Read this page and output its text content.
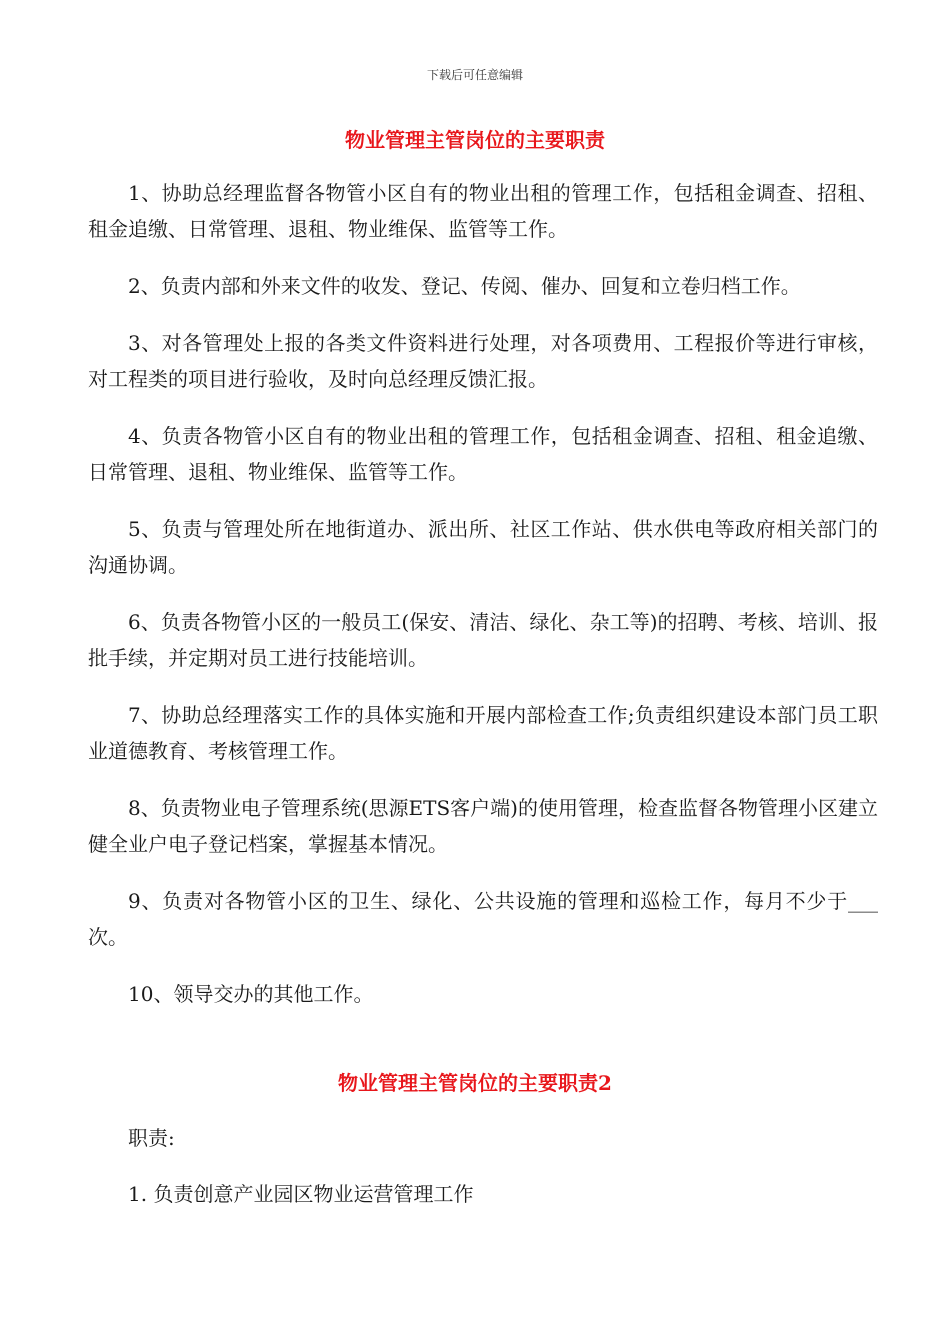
下载后可任意编辑
物业管理主管岗位的主要职责

1、协助总经理监督各物管小区自有的物业出租的管理工作，包括租金调查、招租、租金追缴、日常管理、退租、物业维保、监管等工作。

2、负责内部和外来文件的收发、登记、传阅、催办、回复和立卷归档工作。

3、对各管理处上报的各类文件资料进行处理，对各项费用、工程报价等进行审核，对工程类的项目进行验收，及时向总经理反馈汇报。

4、负责各物管小区自有的物业出租的管理工作，包括租金调查、招租、租金追缴、日常管理、退租、物业维保、监管等工作。

5、负责与管理处所在地街道办、派出所、社区工作站、供水供电等政府相关部门的沟通协调。

6、负责各物管小区的一般员工(保安、清洁、绿化、杂工等)的招聘、考核、培训、报批手续，并定期对员工进行技能培训。

7、协助总经理落实工作的具体实施和开展内部检查工作;负责组织建设本部门员工职业道德教育、考核管理工作。

8、负责物业电子管理系统(思源ETS客户端)的使用管理，检查监督各物管理小区建立健全业户电子登记档案，掌握基本情况。

9、负责对各物管小区的卫生、绿化、公共设施的管理和巡检工作，每月不少于___次。

10、领导交办的其他工作。

物业管理主管岗位的主要职责2

职责:

1. 负责创意产业园区物业运营管理工作
